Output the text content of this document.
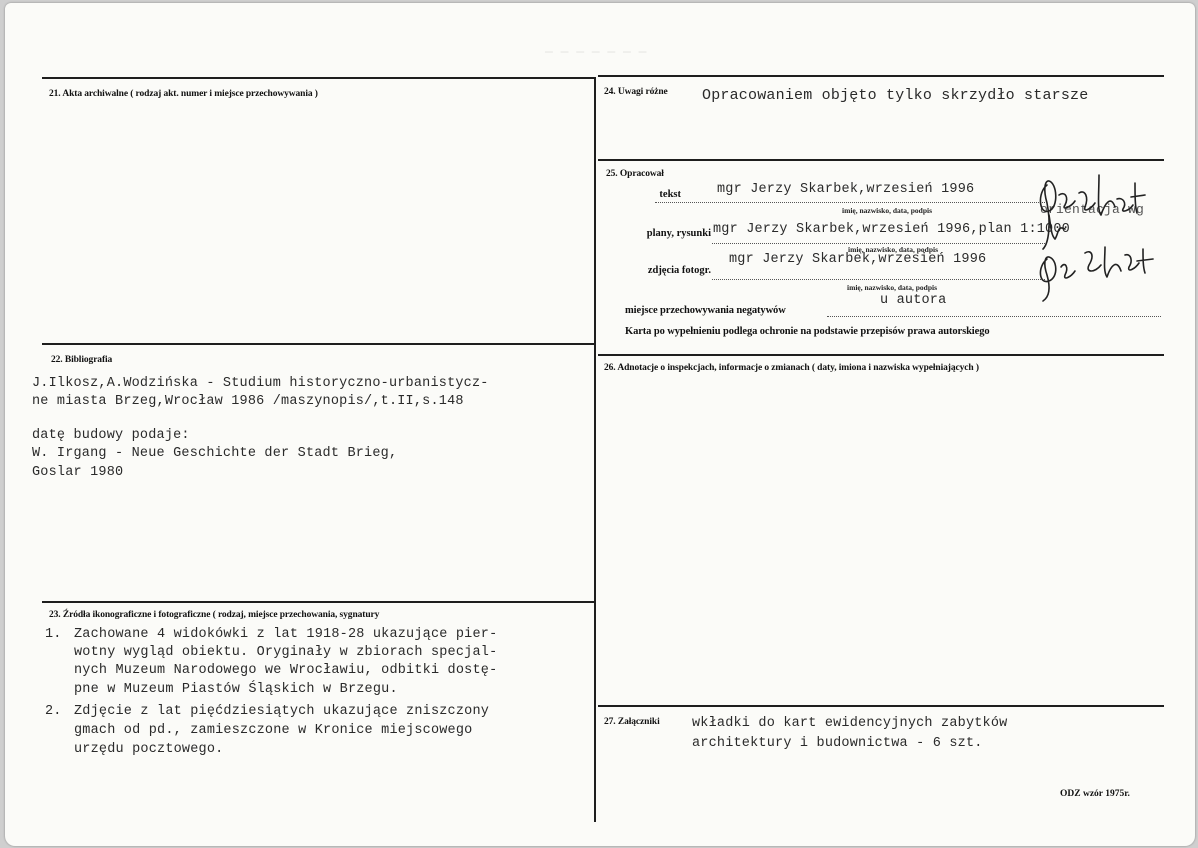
─ ─ ─ ─ ─ ─ ─
21. Akta archiwalne ( rodzaj akt. numer i miejsce przechowywania )	24. Uwagi różne Opracowaniem objęto tylko skrzydło starsze
25. Opracował
tekst	mgr Jerzy Skarbek,wrzesień 1996
imię, nazwisko, data, podpis
plany, rysunki mgr Jerzy Skarbek,wrzesień 1996,plan 1:1000
imię, nazwisko, data, podpis
zdjęcia fotogr.
mgr Jerzy Skarbek,wrzesień 1996
imię, nazwisko, data, podpis
orientacja wg
miejsce przechowywania negatywów
u autora
Karta po wypełnieniu podlega ochronie na podstawie przepisów prawa autorskiego
26. Adnotacje o inspekcjach, informacje o zmianach ( daty, imiona i nazwiska wypełniających )
22. Bibliografia
J.Ilkosz,A.Wodzińska - Studium historyczno-urbanistycz-
ne miasta Brzeg,Wrocław 1986 /maszynopis/,t.II,s.148
datę budowy podaje:
W. Irgang - Neue Geschichte der Stadt Brieg,
Goslar 1980
23. Źródła ikonograficzne i fotograficzne ( rodzaj, miejsce przechowania, sygnatury
1. Zachowane 4 widokówki z lat 1918-28 ukazujące pier-
wotny wygląd obiektu. Oryginały w zbiorach specjal-
nych Muzeum Narodowego we Wrocławiu, odbitki dostę-
pne w Muzeum Piastów Śląskich w Brzegu.
2. Zdjęcie z lat pięćdziesiątych ukazujące zniszczony
gmach od pd., zamieszczone w Kronice miejscowego
urzędu pocztowego.
27. Załączniki wkładki do kart ewidencyjnych zabytków
architektury i budownictwa - 6 szt.
ODZ wzór 1975r.
